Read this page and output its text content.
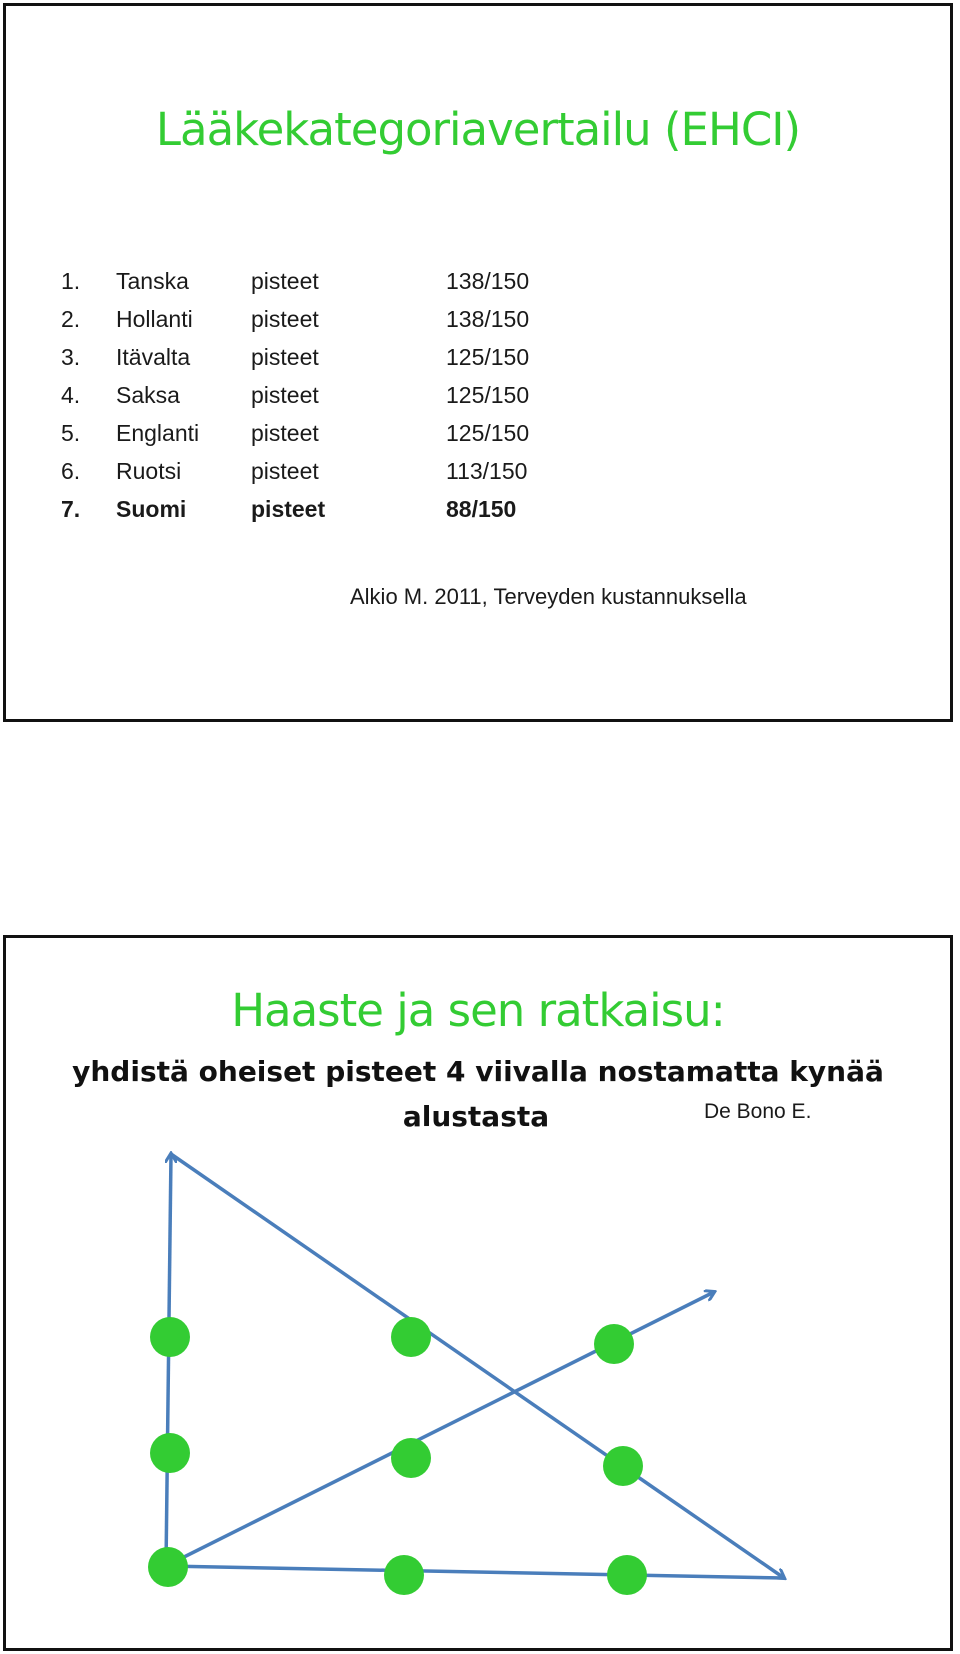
Lääkekategoriavertailu (EHCI)
1. Tanska	pisteet	138/150
2. Hollanti	pisteet	138/150
3. Itävalta	pisteet	125/150
4. Saksa	pisteet	125/150
5. Englanti pisteet	125/150
6. Ruotsi	pisteet	113/150
7. Suomi	pisteet	88/150
Alkio M. 2011, Terveyden kustannuksella
Haaste ja sen ratkaisu:
yhdistä oheiset pisteet 4 viivalla nostamatta kynää
alustasta	De Bono E.
